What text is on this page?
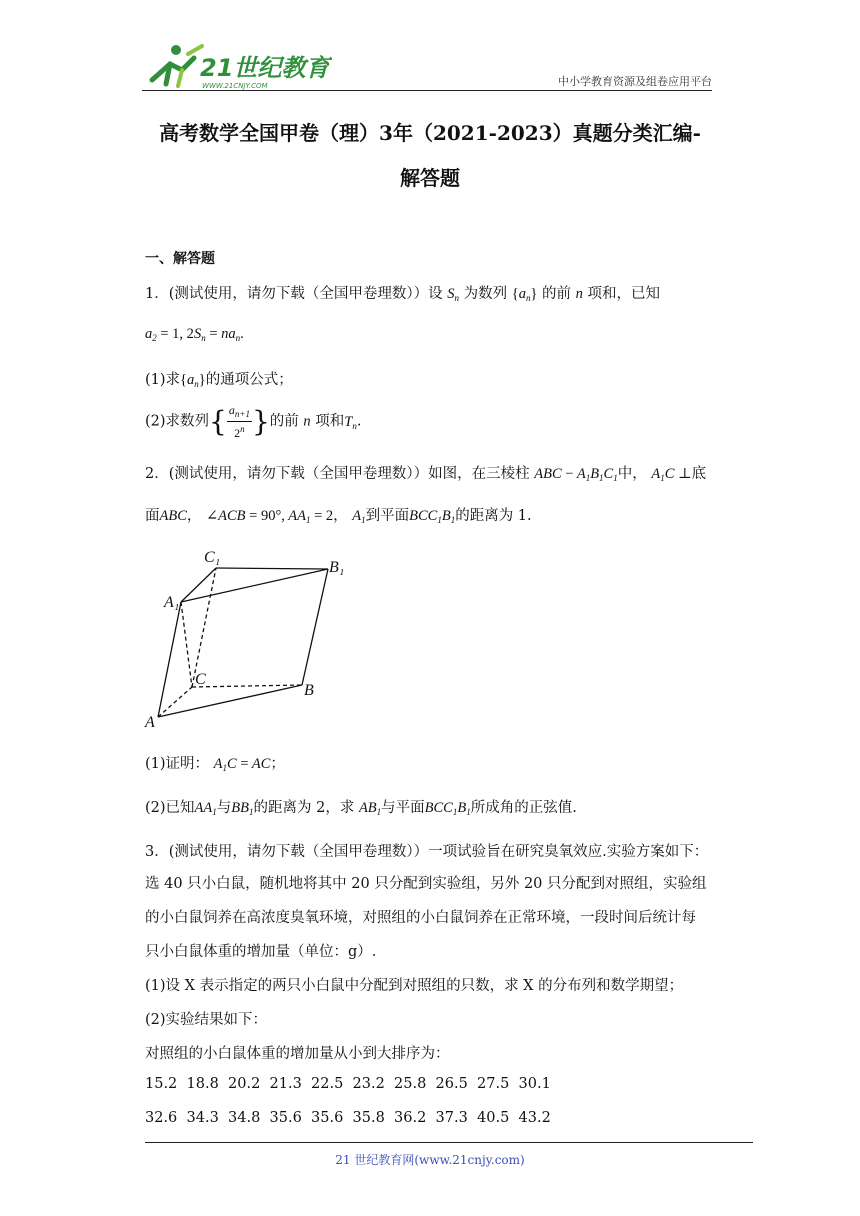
21世纪教育
WWW.21CNJY.COM	中小学教育资源及组卷应用平台
高考数学全国甲卷（理）3年（2021-2023）真题分类汇编-
解答题
一、解答题
1．(测试使用，请勿下载（全国甲卷理数））设 $S_n$ 为数列 $\{a_n\}$ 的前 n 项和，已知
$a_2 = 1$, $2S_n = na_n$.
(1)求$\{a_n\}$的通项公式；
(2)求数列{ $\frac{a_{n+1}}{2^n}$ }的前 n 项和$T_n$.
2．(测试使用，请勿下载（全国甲卷理数））如图，在三棱柱 ABC − $A_1B_1C_1$中， $A_1C$ ⊥底
面ABC， ∠ACB = 90°, $AA_1 = 2$， $A_1$到平面$BCC_1B_1$的距离为 1.
C₁
B₁
A₁
C
B
A
(1)证明： $A_1C$ = AC；
(2)已知$AA_1$与$BB_1$的距离为 2，求 $AB_1$与平面$BCC_1B_1$所成角的正弦值.
3．(测试使用，请勿下载（全国甲卷理数））一项试验旨在研究臭氧效应.实验方案如下：
选 40 只小白鼠，随机地将其中 20 只分配到实验组，另外 20 只分配到对照组，实验组
的小白鼠饲养在高浓度臭氧环境，对照组的小白鼠饲养在正常环境，一段时间后统计每
只小白鼠体重的增加量（单位：g）.
(1)设 X 表示指定的两只小白鼠中分配到对照组的只数，求 X 的分布列和数学期望；
(2)实验结果如下：
对照组的小白鼠体重的增加量从小到大排序为：
15.2  18.8  20.2  21.3  22.5  23.2  25.8  26.5  27.5  30.1
32.6  34.3  34.8  35.6  35.6  35.8  36.2  37.3  40.5  43.2
21 世纪教育网(www.21cnjy.com)
